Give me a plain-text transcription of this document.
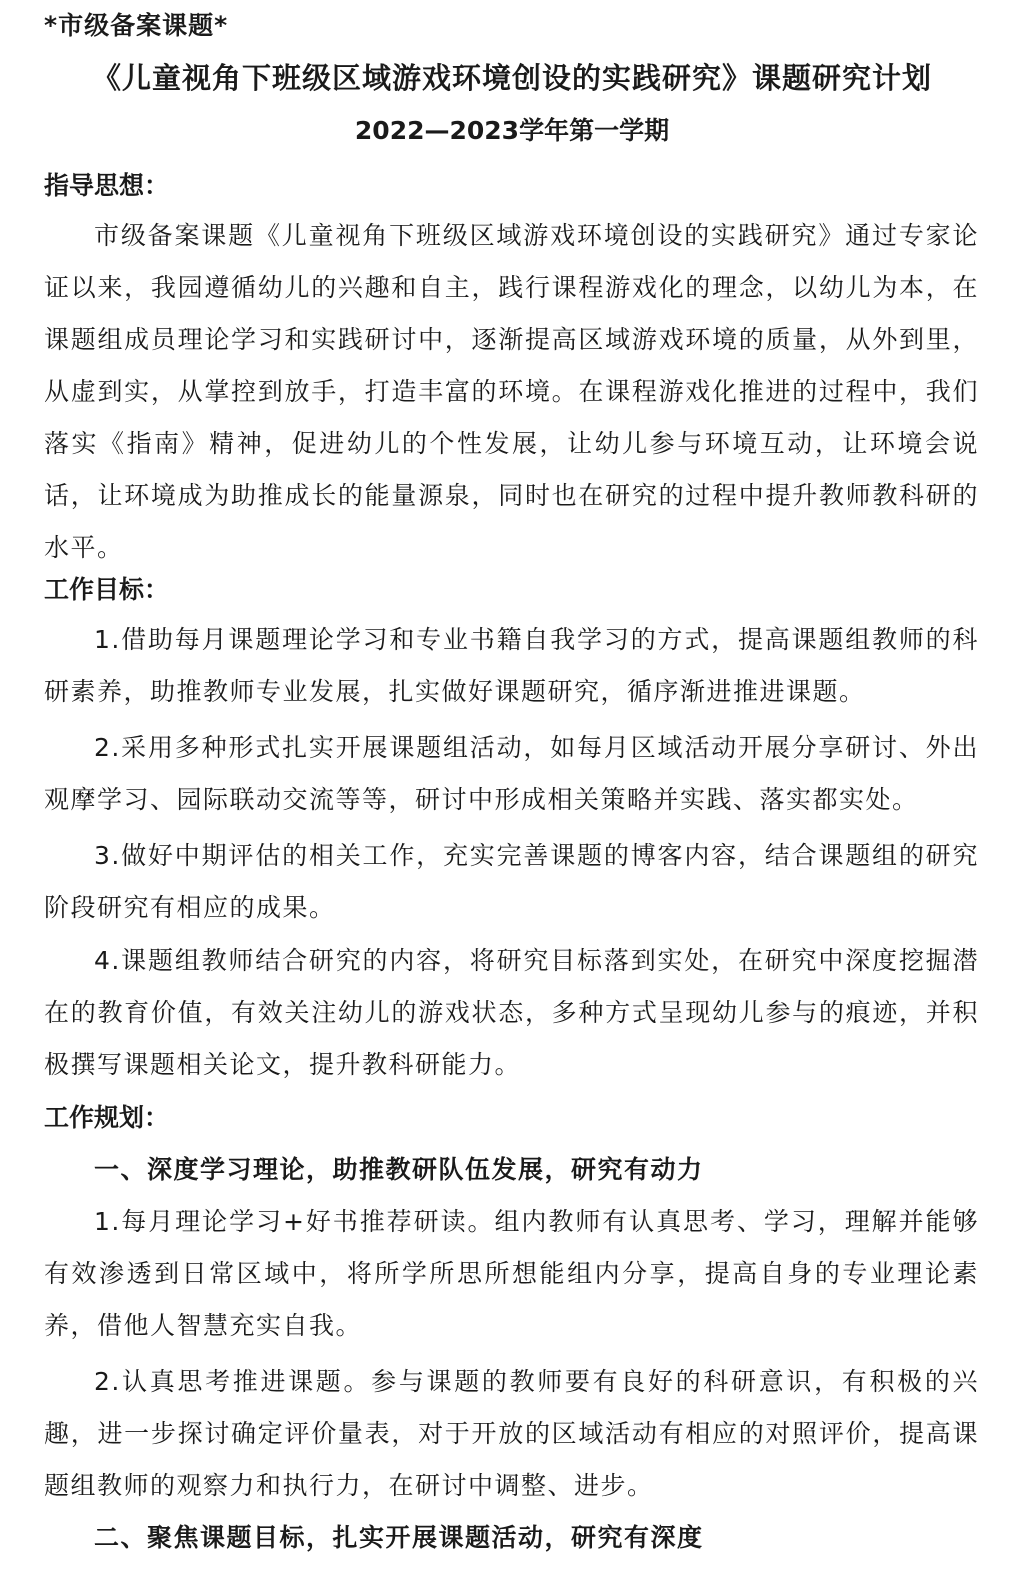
*市级备案课题*
《儿童视角下班级区域游戏环境创设的实践研究》课题研究计划
2022—2023学年第一学期
指导思想：
市级备案课题《儿童视角下班级区域游戏环境创设的实践研究》通过专家论证以来，我园遵循幼儿的兴趣和自主，践行课程游戏化的理念，以幼儿为本，在课题组成员理论学习和实践研讨中，逐渐提高区域游戏环境的质量，从外到里，从虚到实，从掌控到放手，打造丰富的环境。在课程游戏化推进的过程中，我们落实《指南》精神，促进幼儿的个性发展，让幼儿参与环境互动，让环境会说话，让环境成为助推成长的能量源泉，同时也在研究的过程中提升教师教科研的水平。
工作目标：
1.借助每月课题理论学习和专业书籍自我学习的方式，提高课题组教师的科研素养，助推教师专业发展，扎实做好课题研究，循序渐进推进课题。
2.采用多种形式扎实开展课题组活动，如每月区域活动开展分享研讨、外出观摩学习、园际联动交流等等，研讨中形成相关策略并实践、落实都实处。
3.做好中期评估的相关工作，充实完善课题的博客内容，结合课题组的研究阶段研究有相应的成果。
4.课题组教师结合研究的内容，将研究目标落到实处，在研究中深度挖掘潜在的教育价值，有效关注幼儿的游戏状态，多种方式呈现幼儿参与的痕迹，并积极撰写课题相关论文，提升教科研能力。
工作规划：
一、深度学习理论，助推教研队伍发展，研究有动力
1.每月理论学习+好书推荐研读。组内教师有认真思考、学习，理解并能够有效渗透到日常区域中，将所学所思所想能组内分享，提高自身的专业理论素养，借他人智慧充实自我。
2.认真思考推进课题。参与课题的教师要有良好的科研意识，有积极的兴趣，进一步探讨确定评价量表，对于开放的区域活动有相应的对照评价，提高课题组教师的观察力和执行力，在研讨中调整、进步。
二、聚焦课题目标，扎实开展课题活动，研究有深度
